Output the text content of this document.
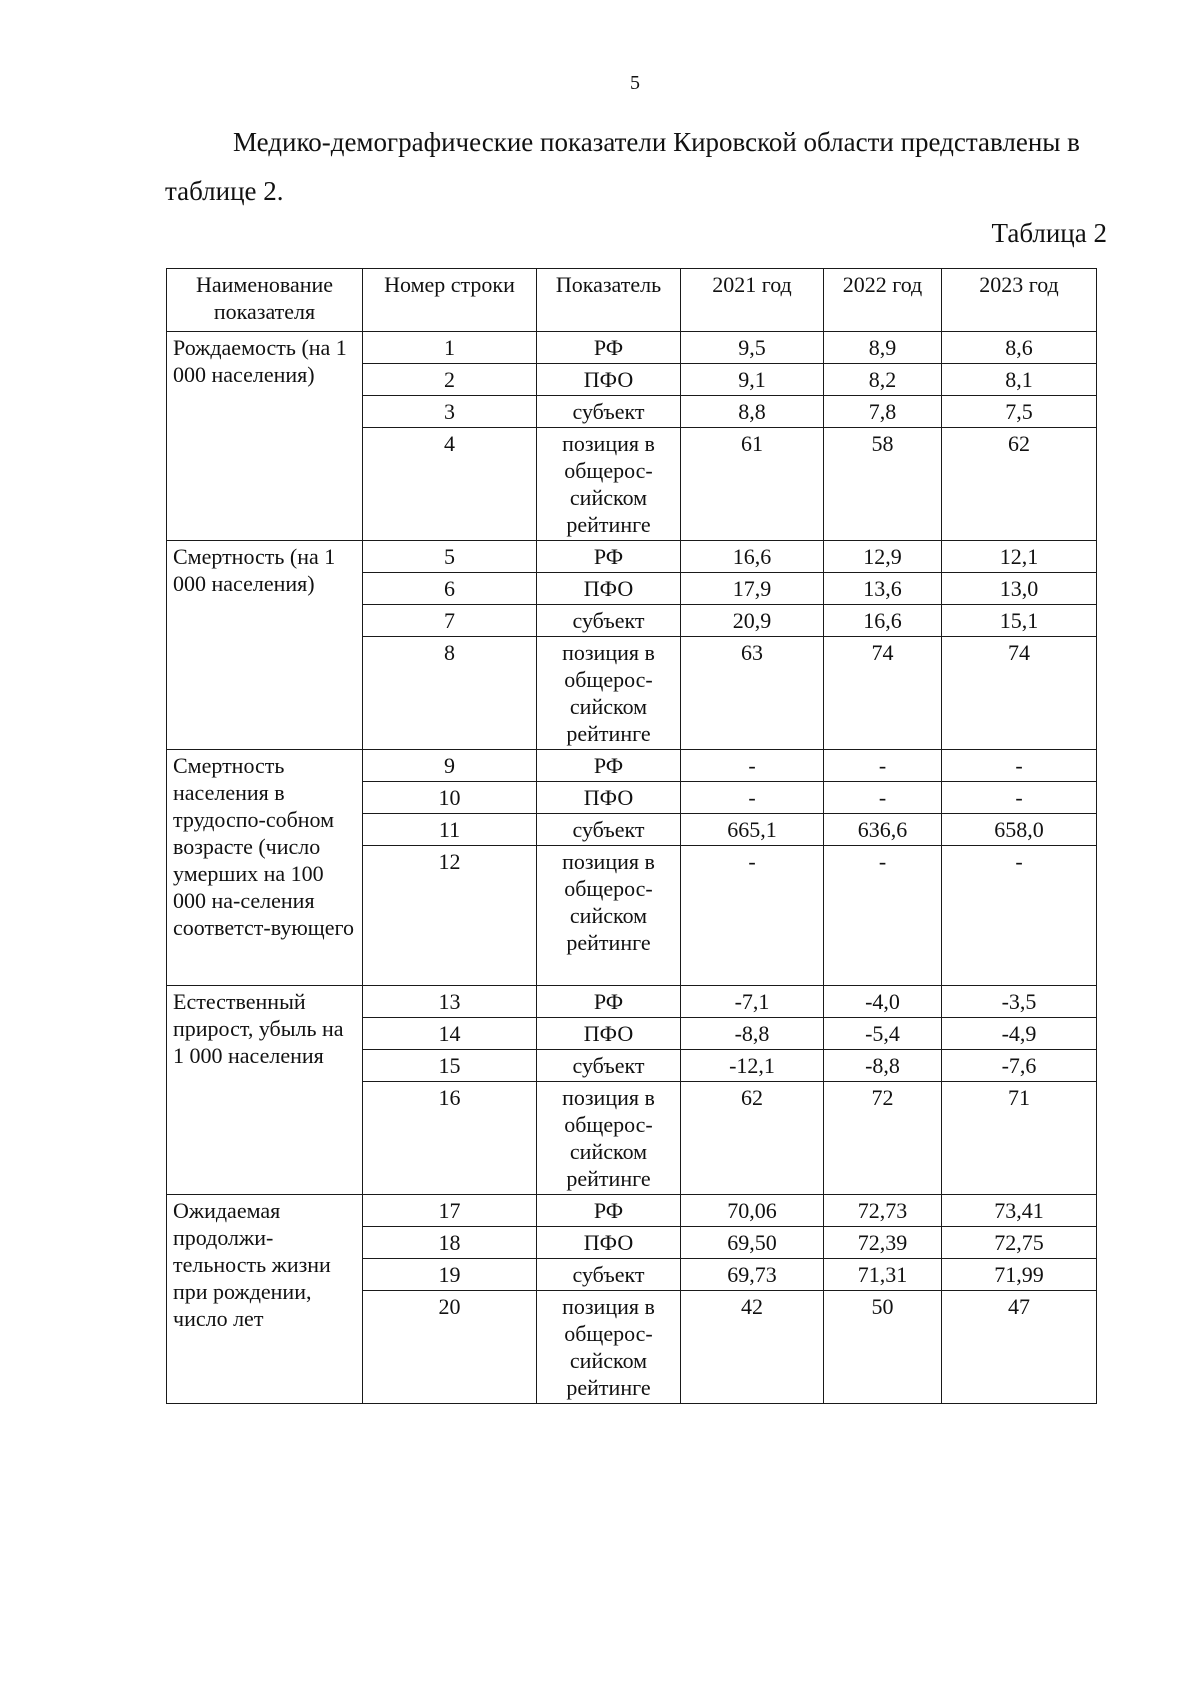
5

Медико-демографические показатели Кировской области представлены в таблице 2.

Таблица 2
Наименование показателя	Номер строки	Показатель	2021 год	2022 год	2023 год
Рождаемость (на 1 000 населения)	1	РФ	9,5	8,9	8,6
	2	ПФО	9,1	8,2	8,1
	3	субъект	8,8	7,8	7,5
	4	позиция в общерос-сийском рейтинге	61	58	62
Смертность (на 1 000 населения)	5	РФ	16,6	12,9	12,1
	6	ПФО	17,9	13,6	13,0
	7	субъект	20,9	16,6	15,1
	8	позиция в общерос-сийском рейтинге	63	74	74
Смертность населения в трудоспо-собном возрасте (число умерших на 100 000 на-селения соответст-вующего	9	РФ	-	-	-
	10	ПФО	-	-	-
	11	субъект	665,1	636,6	658,0
	12	позиция в общерос-сийском рейтинге	-	-	-
Естественный прирост, убыль на 1 000 населения	13	РФ	-7,1	-4,0	-3,5
	14	ПФО	-8,8	-5,4	-4,9
	15	субъект	-12,1	-8,8	-7,6
	16	позиция в общерос-сийском рейтинге	62	72	71
Ожидаемая продолжи-тельность жизни при рождении, число лет	17	РФ	70,06	72,73	73,41
	18	ПФО	69,50	72,39	72,75
	19	субъект	69,73	71,31	71,99
	20	позиция в общерос-сийском рейтинге	42	50	47
